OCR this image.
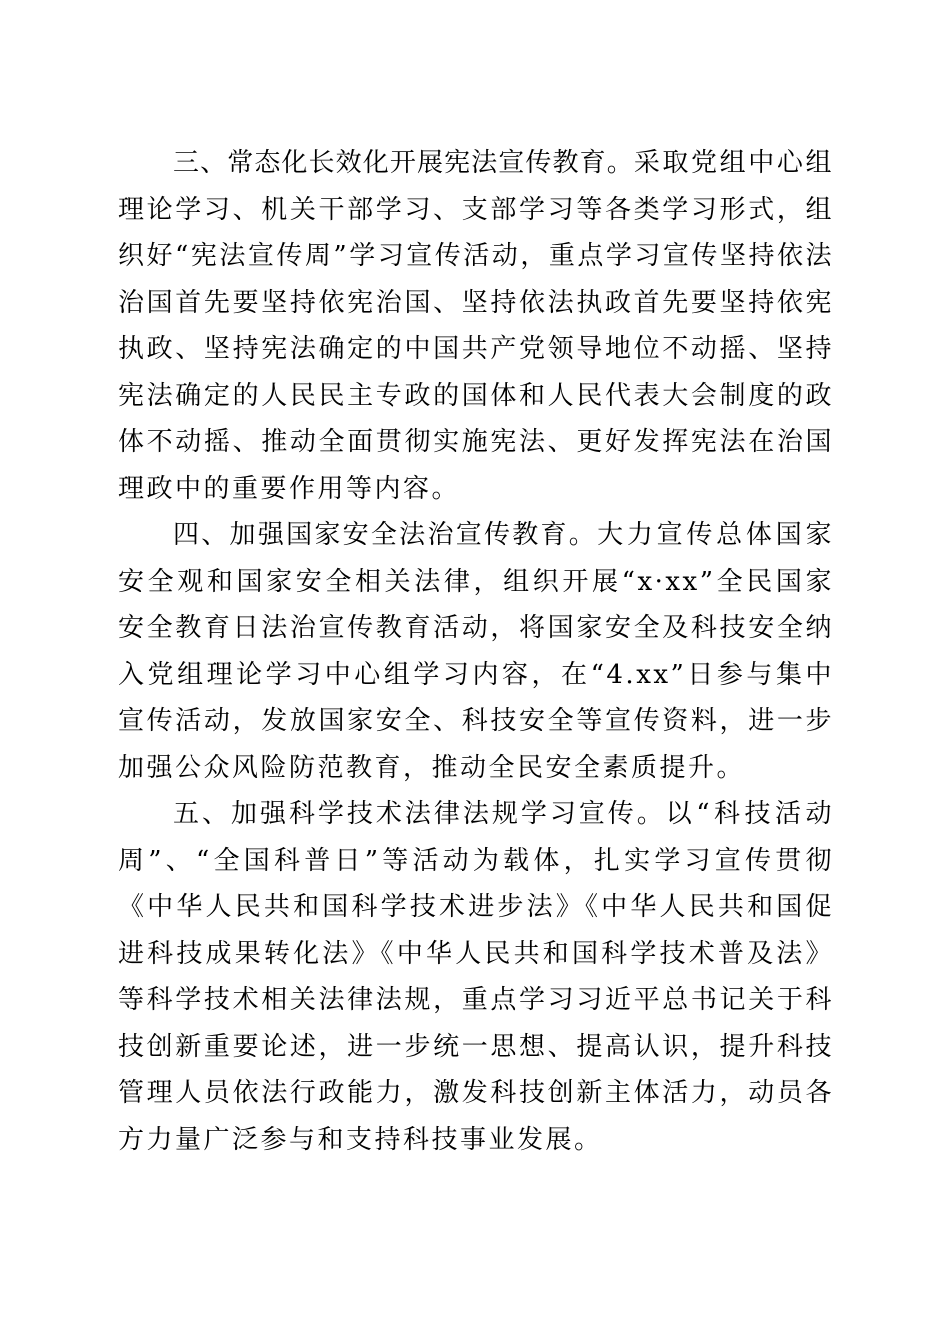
三、常态化长效化开展宪法宣传教育。采取党组中心组理论学习、机关干部学习、支部学习等各类学习形式，组织好“宪法宣传周”学习宣传活动，重点学习宣传坚持依法治国首先要坚持依宪治国、坚持依法执政首先要坚持依宪执政、坚持宪法确定的中国共产党领导地位不动摇、坚持宪法确定的人民民主专政的国体和人民代表大会制度的政体不动摇、推动全面贯彻实施宪法、更好发挥宪法在治国理政中的重要作用等内容。

四、加强国家安全法治宣传教育。大力宣传总体国家安全观和国家安全相关法律，组织开展“x·xx”全民国家安全教育日法治宣传教育活动，将国家安全及科技安全纳入党组理论学习中心组学习内容，在“4.xx”日参与集中宣传活动，发放国家安全、科技安全等宣传资料，进一步加强公众风险防范教育，推动全民安全素质提升。

五、加强科学技术法律法规学习宣传。以“科技活动周”、“全国科普日”等活动为载体，扎实学习宣传贯彻《中华人民共和国科学技术进步法》《中华人民共和国促进科技成果转化法》《中华人民共和国科学技术普及法》等科学技术相关法律法规，重点学习习近平总书记关于科技创新重要论述，进一步统一思想、提高认识，提升科技管理人员依法行政能力，激发科技创新主体活力，动员各方力量广泛参与和支持科技事业发展。
